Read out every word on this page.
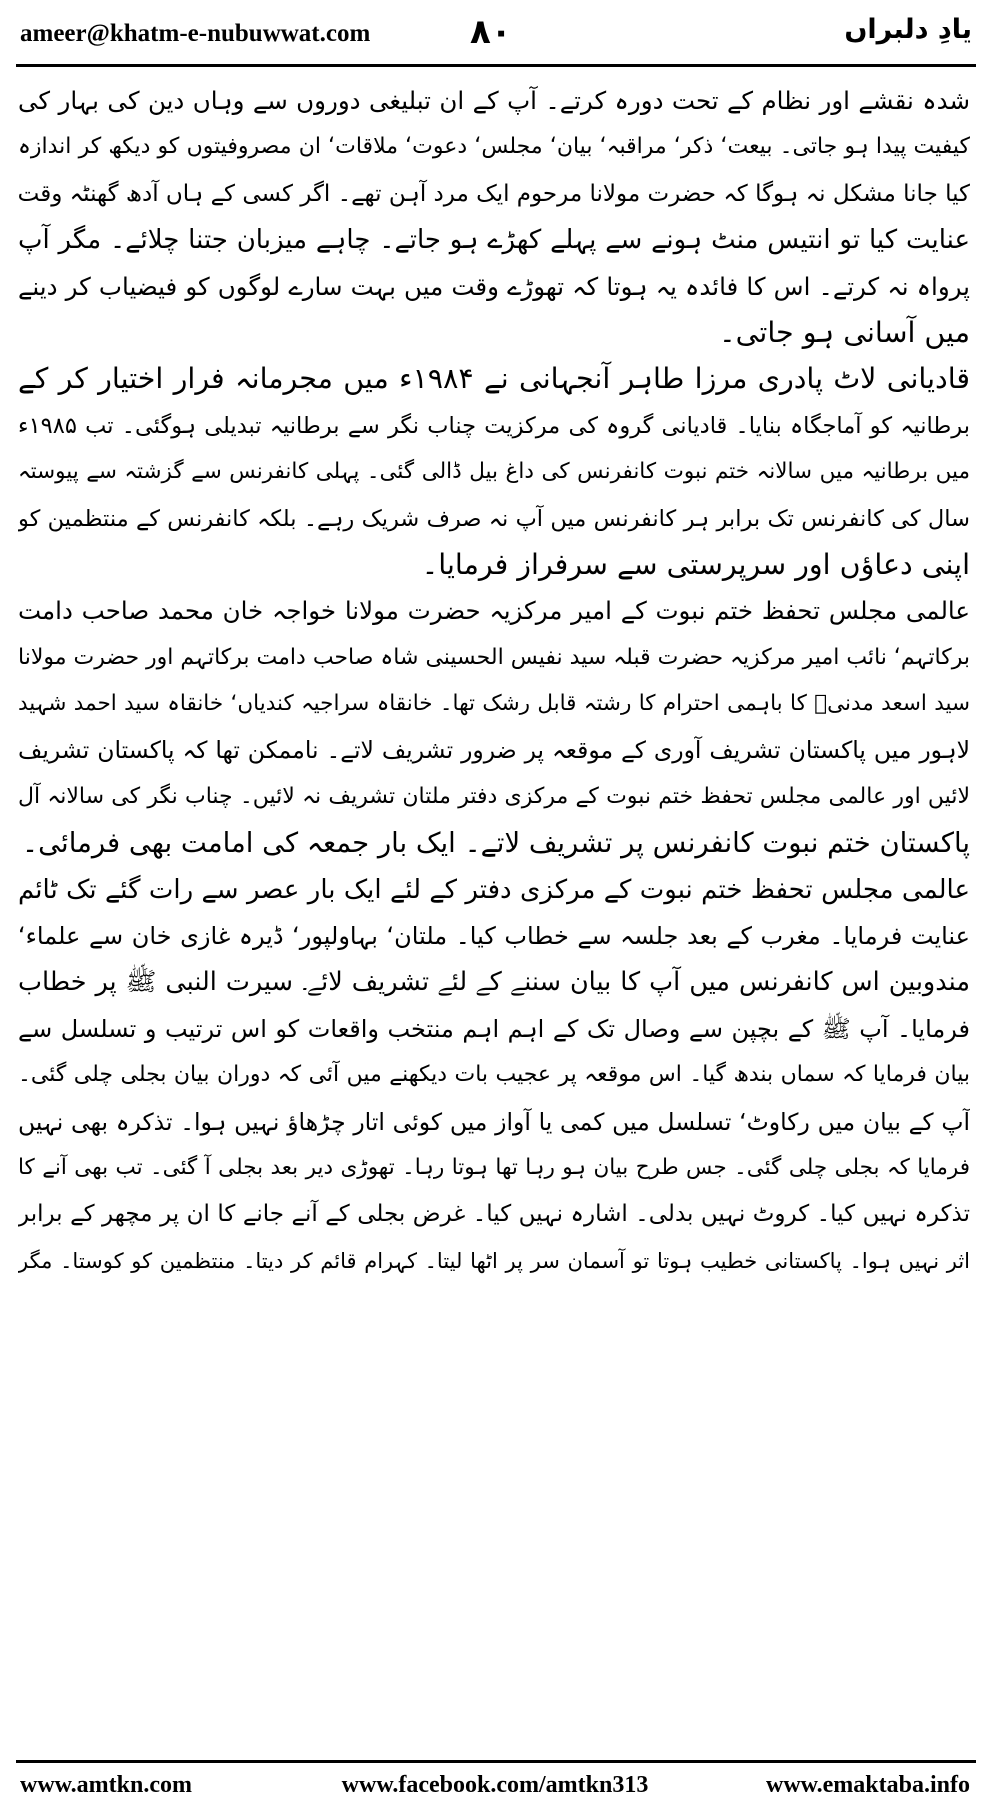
ameer@khatm-e-nubuwwat.com	۸۰	یادِ دلبراں
شدہ نقشے اور نظام کے تحت دورہ کرتے۔ آپ کے ان تبلیغی دوروں سے وہاں دین کی بہار کی
کیفیت پیدا ہو جاتی۔ بیعت‘ ذکر‘ مراقبہ‘ بیان‘ مجلس‘ دعوت‘ ملاقات‘ ان مصروفیتوں کو دیکھ کر اندازہ
کیا جانا مشکل نہ ہوگا کہ حضرت مولانا مرحوم ایک مرد آہن تھے۔ اگر کسی کے ہاں آدھ گھنٹہ وقت
عنایت کیا تو انتیس منٹ ہونے سے پہلے کھڑے ہو جاتے۔ چاہے میزبان جتنا چلائے۔ مگر آپ
پرواہ نہ کرتے۔ اس کا فائدہ یہ ہوتا کہ تھوڑے وقت میں بہت سارے لوگوں کو فیضیاب کر دینے
میں آسانی ہو جاتی۔
قادیانی لاٹ پادری مرزا طاہر آنجہانی نے ۱۹۸۴ء میں مجرمانہ فرار اختیار کر کے
برطانیہ کو آماجگاہ بنایا۔ قادیانی گروہ کی مرکزیت چناب نگر سے برطانیہ تبدیلی ہوگئی۔ تب ۱۹۸۵ء
میں برطانیہ میں سالانہ ختم نبوت کانفرنس کی داغ بیل ڈالی گئی۔ پہلی کانفرنس سے گزشتہ سے پیوستہ
سال کی کانفرنس تک برابر ہر کانفرنس میں آپ نہ صرف شریک رہے۔ بلکہ کانفرنس کے منتظمین کو
اپنی دعاؤں اور سرپرستی سے سرفراز فرمایا۔
عالمی مجلس تحفظ ختم نبوت کے امیر مرکزیہ حضرت مولانا خواجہ خان محمد صاحب دامت
برکاتہم‘ نائب امیر مرکزیہ حضرت قبلہ سید نفیس الحسینی شاہ صاحب دامت برکاتہم اور حضرت مولانا
سید اسعد مدنیؒ کا باہمی احترام کا رشتہ قابل رشک تھا۔ خانقاہ سراجیہ کندیاں‘ خانقاہ سید احمد شہید
لاہور میں پاکستان تشریف آوری کے موقعہ پر ضرور تشریف لاتے۔ ناممکن تھا کہ پاکستان تشریف
لائیں اور عالمی مجلس تحفظ ختم نبوت کے مرکزی دفتر ملتان تشریف نہ لائیں۔ چناب نگر کی سالانہ آل
پاکستان ختم نبوت کانفرنس پر تشریف لاتے۔ ایک بار جمعہ کی امامت بھی فرمائی۔
عالمی مجلس تحفظ ختم نبوت کے مرکزی دفتر کے لئے ایک بار عصر سے رات گئے تک ٹائم
عنایت فرمایا۔ مغرب کے بعد جلسہ سے خطاب کیا۔ ملتان‘ بہاولپور‘ ڈیرہ غازی خان سے علماء‘
مندوبین اس کانفرنس میں آپ کا بیان سننے کے لئے تشریف لائے۔ سیرت النبی ﷺ پر خطاب
فرمایا۔ آپ ﷺ کے بچپن سے وصال تک کے اہم اہم منتخب واقعات کو اس ترتیب و تسلسل سے
بیان فرمایا کہ سماں بندھ گیا۔ اس موقعہ پر عجیب بات دیکھنے میں آئی کہ دوران بیان بجلی چلی گئی۔
آپ کے بیان میں رکاوٹ‘ تسلسل میں کمی یا آواز میں کوئی اتار چڑھاؤ نہیں ہوا۔ تذکرہ بھی نہیں
فرمایا کہ بجلی چلی گئی۔ جس طرح بیان ہو رہا تھا ہوتا رہا۔ تھوڑی دیر بعد بجلی آ گئی۔ تب بھی آنے کا
تذکرہ نہیں کیا۔ کروٹ نہیں بدلی۔ اشارہ نہیں کیا۔ غرض بجلی کے آنے جانے کا ان پر مچھر کے برابر
اثر نہیں ہوا۔ پاکستانی خطیب ہوتا تو آسمان سر پر اٹھا لیتا۔ کہرام قائم کر دیتا۔ منتظمین کو کوستا۔ مگر
www.amtkn.com	www.facebook.com/amtkn313	www.emaktaba.info
